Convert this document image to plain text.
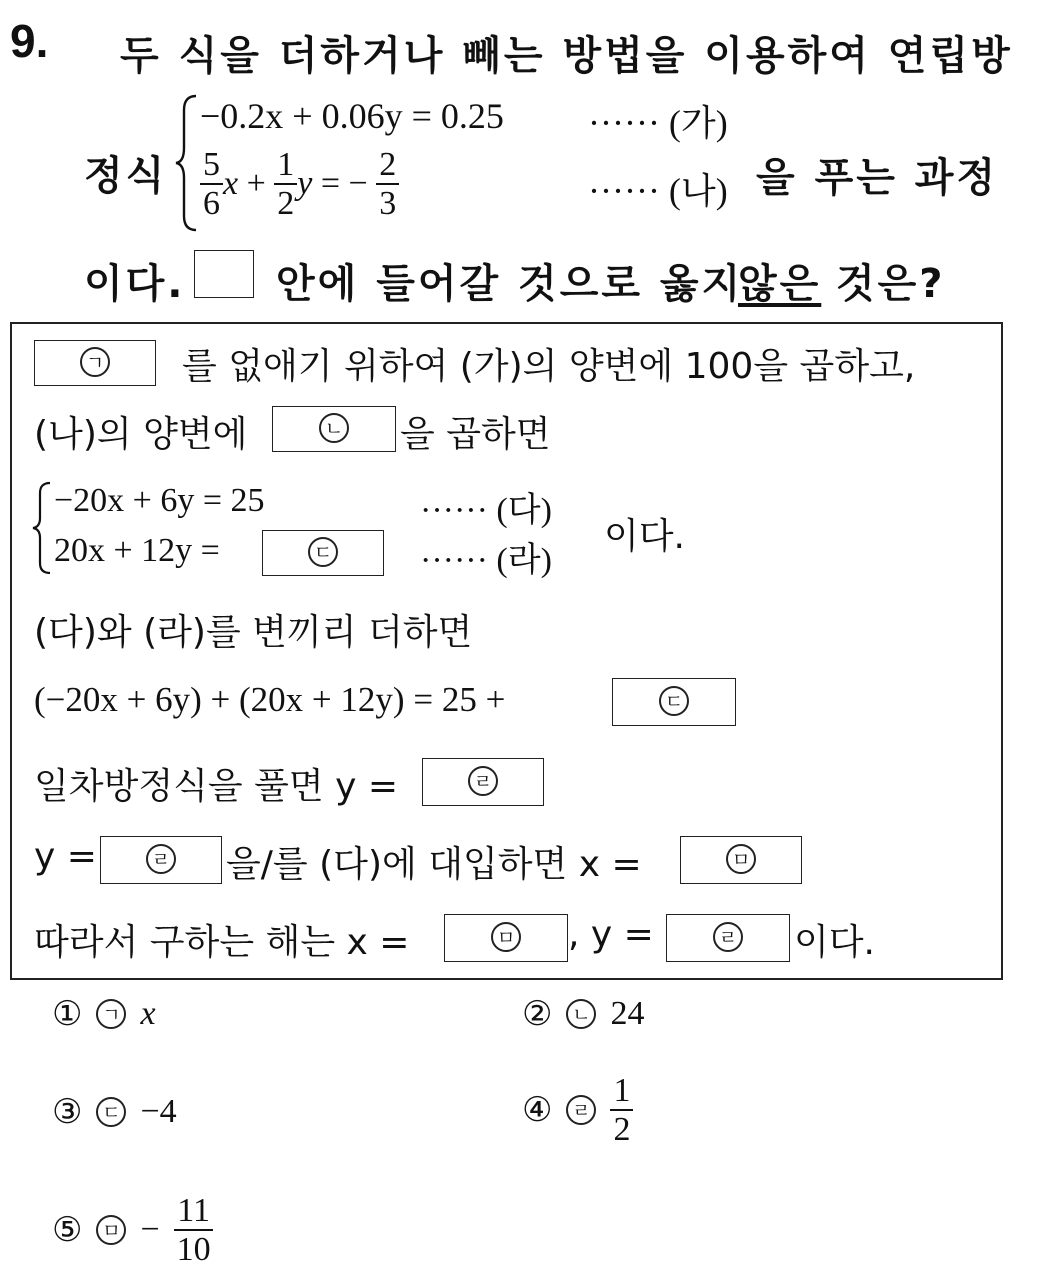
9. 두 식을 더하거나 빼는 방법을 이용하여 연립방
정식
−0.2x + 0.06y = 0.25 ······ (가)
$\frac{5}{6}$ $x + \frac{1}{2}$ y = − $\frac{2}{3}$	······ (나) 을 푸는 과정
이다. 안에 들어갈 것으로 옳지
않은 것은?
ㄱ	를 없애기 위하여 (가)의 양변에 100을 곱하고,
(나)의 양변에	ㄴ	을 곱하면
−20x + 6y = 25	······ (다)
20x + 12y =	ㄷ	······ (라)
이다.
(다)와 (라)를 변끼리 더하면
(−20x + 6y) + (20x + 12y) = 25 +	ㄷ
일차방정식을 풀면 y =	ㄹ
y =	ㄹ	을/를 (다)에 대입하면 x =	ㅁ
따라서 구하는 해는 x =	ㅁ	, y =	ㄹ	이다.
①	ㄱ x	②	ㄴ 24
③	ㄷ −4	④	ㄹ $\frac{1}{2}$
⑤	ㅁ − $\frac{11}{10}$
